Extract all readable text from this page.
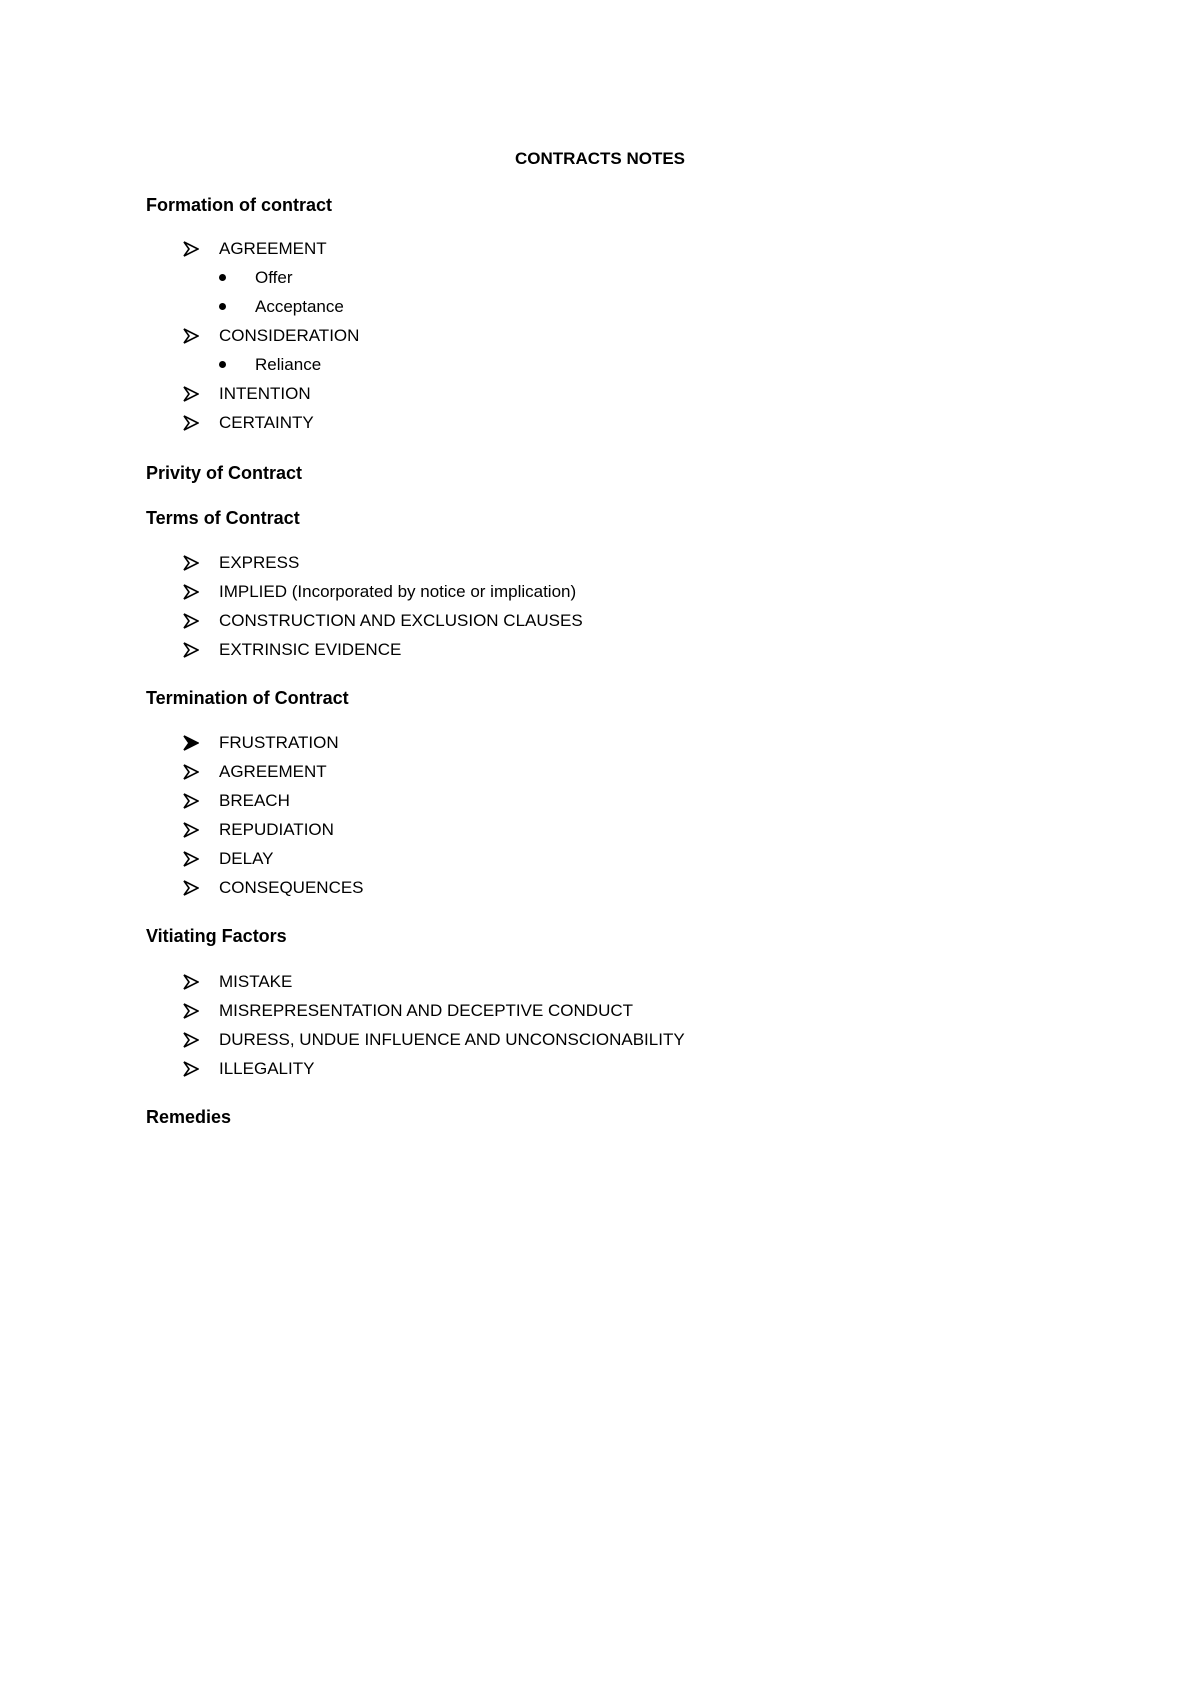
CONTRACTS NOTES
Formation of contract
AGREEMENT
Offer
Acceptance
CONSIDERATION
Reliance
INTENTION
CERTAINTY
Privity of Contract
Terms of Contract
EXPRESS
IMPLIED (Incorporated by notice or implication)
CONSTRUCTION AND EXCLUSION CLAUSES
EXTRINSIC EVIDENCE
Termination of Contract
FRUSTRATION
AGREEMENT
BREACH
REPUDIATION
DELAY
CONSEQUENCES
Vitiating Factors
MISTAKE
MISREPRESENTATION AND DECEPTIVE CONDUCT
DURESS, UNDUE INFLUENCE AND UNCONSCIONABILITY
ILLEGALITY
Remedies
